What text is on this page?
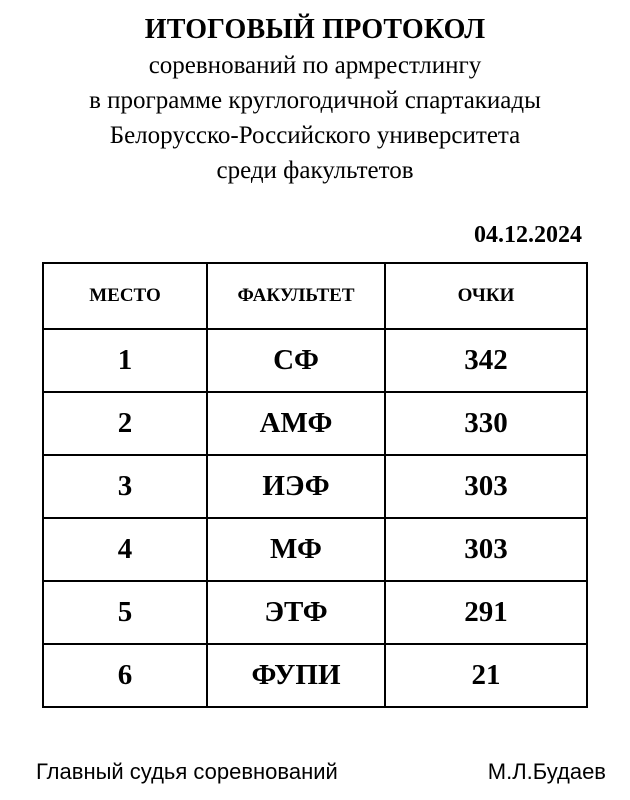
ИТОГОВЫЙ ПРОТОКОЛ
соревнований по армрестлингу
в программе круглогодичной спартакиады
Белорусско-Российского университета
среди факультетов
04.12.2024
МЕСТО	ФАКУЛЬТЕТ	ОЧКИ
1	СФ	342
2	АМФ	330
3	ИЭФ	303
4	МФ	303
5	ЭТФ	291
6	ФУПИ	21
Главный судья соревнований	М.Л.Будаев
